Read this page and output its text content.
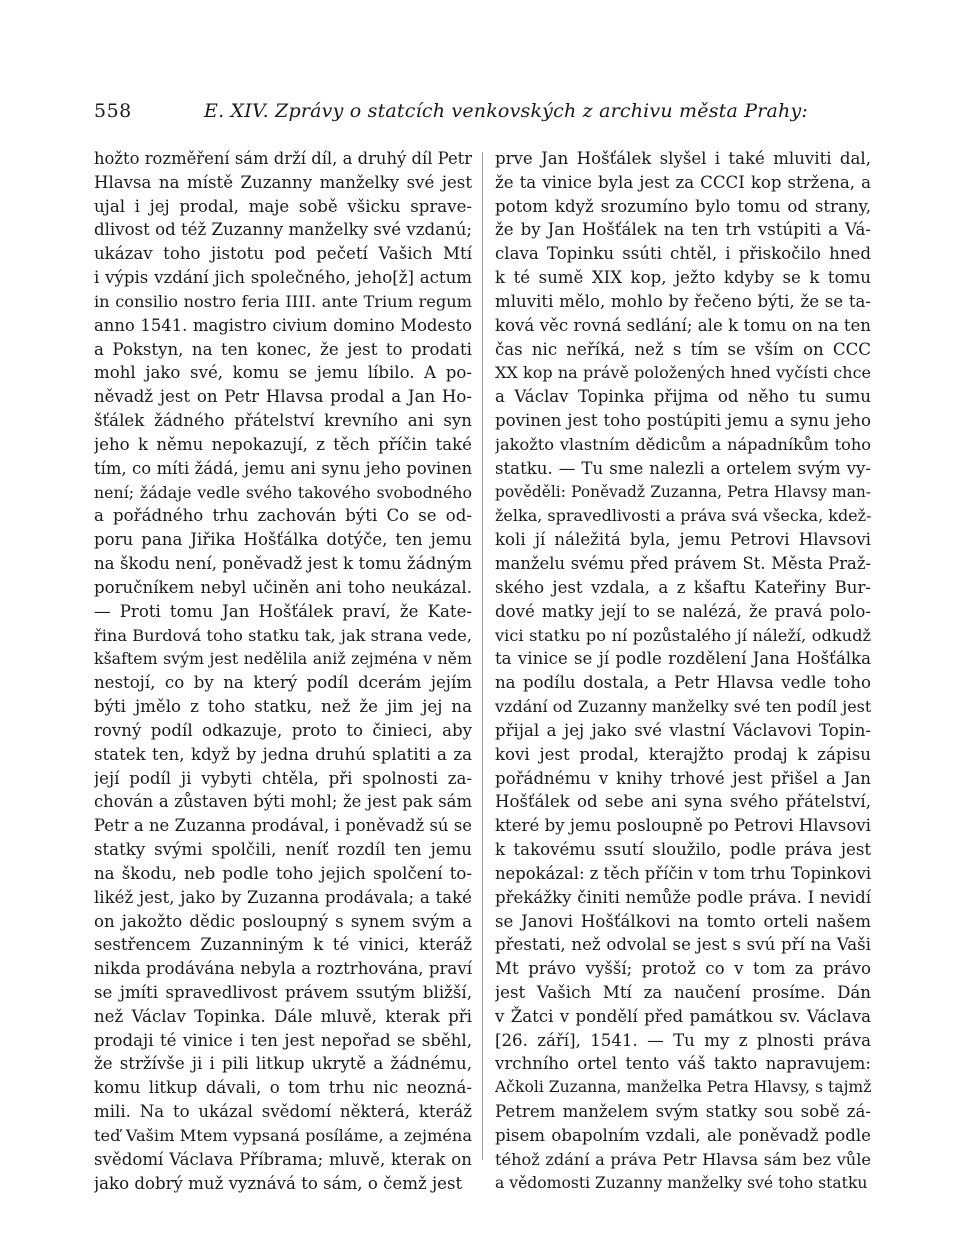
558	E. XIV. Zprávy o statcích venkovských z archivu města Prahy:
hožto rozměření sám drží díl, a druhý díl Petr
Hlavsa na místě Zuzanny manželky své jest
ujal i jej prodal, maje sobě všicku sprave-
dlivost od též Zuzanny manželky své vzdanú;
ukázav toho jistotu pod pečetí Vašich Mtí
i výpis vzdání jich společného, jeho[ž] actum
in consilio nostro feria IIII. ante Trium regum
anno 1541. magistro civium domino Modesto
a Pokstyn, na ten konec, že jest to prodati
mohl jako své, komu se jemu líbilo. A po-
něvadž jest on Petr Hlavsa prodal a Jan Ho-
šťálek žádného přátelství krevního ani syn
jeho k němu nepokazují, z těch příčin také
tím, co míti žádá, jemu ani synu jeho povinen
není; žádaje vedle svého takového svobodného
a pořádného trhu zachován býti Co se od-
poru pana Jiřika Hošťálka dotýče, ten jemu
na škodu není, poněvadž jest k tomu žádným
poručníkem nebyl učiněn ani toho neukázal.
— Proti tomu Jan Hošťálek praví, že Kate-
řina Burdová toho statku tak, jak strana vede,
kšaftem svým jest nedělila aniž zejména v něm
nestojí, co by na který podíl dcerám jejím
býti jmělo z toho statku, než že jim jej na
rovný podíl odkazuje, proto to činieci, aby
statek ten, když by jedna druhú splatiti a za
její podíl ji vybyti chtěla, při spolnosti za-
chován a zůstaven býti mohl; že jest pak sám
Petr a ne Zuzanna prodával, i poněvadž sú se
statky svými spolčili, neníť rozdíl ten jemu
na škodu, neb podle toho jejich spolčení to-
likéž jest, jako by Zuzanna prodávala; a také
on jakožto dědic posloupný s synem svým a
sestřencem Zuzanniným k té vinici, kteráž
nikda prodávána nebyla a roztrhována, praví
se jmíti spravedlivost právem ssutým bližší,
než Václav Topinka. Dále mluvě, kterak při
prodaji té vinice i ten jest nepořad se sběhl,
že stržívše ji i pili litkup ukrytě a žádnému,
komu litkup dávali, o tom trhu nic neozná-
mili. Na to ukázal svědomí některá, kteráž
teď Vašim Mtem vypsaná posíláme, a zejména
svědomí Václava Příbrama; mluvě, kterak on
jako dobrý muž vyznává to sám, o čemž jest
prve Jan Hošťálek slyšel i také mluviti dal,
že ta vinice byla jest za CCCI kop stržena, a
potom když srozumíno bylo tomu od strany,
že by Jan Hošťálek na ten trh vstúpiti a Vá-
clava Topinku ssúti chtěl, i přiskočilo hned
k té sumě XIX kop, ježto kdyby se k tomu
mluviti mělo, mohlo by řečeno býti, že se ta-
ková věc rovná sedlání; ale k tomu on na ten
čas nic neříká, než s tím se vším on CCC
XX kop na právě položených hned vyčísti chce
a Václav Topinka přijma od něho tu sumu
povinen jest toho postúpiti jemu a synu jeho
jakožto vlastním dědicům a nápadníkům toho
statku. — Tu sme nalezli a ortelem svým vy-
pověděli: Poněvadž Zuzanna, Petra Hlavsy man-
želka, spravedlivosti a práva svá všecka, kdež-
koli jí náležitá byla, jemu Petrovi Hlavsovi
manželu svému před právem St. Města Praž-
ského jest vzdala, a z kšaftu Kateřiny Bur-
dové matky její to se nalézá, že pravá polo-
vici statku po ní pozůstalého jí náleží, odkudž
ta vinice se jí podle rozdělení Jana Hošťálka
na podílu dostala, a Petr Hlavsa vedle toho
vzdání od Zuzanny manželky své ten podíl jest
přijal a jej jako své vlastní Václavovi Topin-
kovi jest prodal, kterajžto prodaj k zápisu
pořádnému v knihy trhové jest přišel a Jan
Hošťálek od sebe ani syna svého přátelství,
které by jemu posloupně po Petrovi Hlavsovi
k takovému ssutí sloužilo, podle práva jest
nepokázal: z těch příčin v tom trhu Topinkovi
překážky činiti nemůže podle práva. I nevidí
se Janovi Hošťálkovi na tomto orteli našem
přestati, než odvolal se jest s svú pří na Vaši
Mt právo vyšší; protož co v tom za právo
jest Vašich Mtí za naučení prosíme. Dán
v Žatci v pondělí před památkou sv. Václava
[26. září], 1541. — Tu my z plnosti práva
vrchního ortel tento váš takto napravujem:
Ačkoli Zuzanna, manželka Petra Hlavsy, s tajmž
Petrem manželem svým statky sou sobě zá-
pisem obapolním vzdali, ale poněvadž podle
téhož zdání a práva Petr Hlavsa sám bez vůle
a vědomosti Zuzanny manželky své toho statku
